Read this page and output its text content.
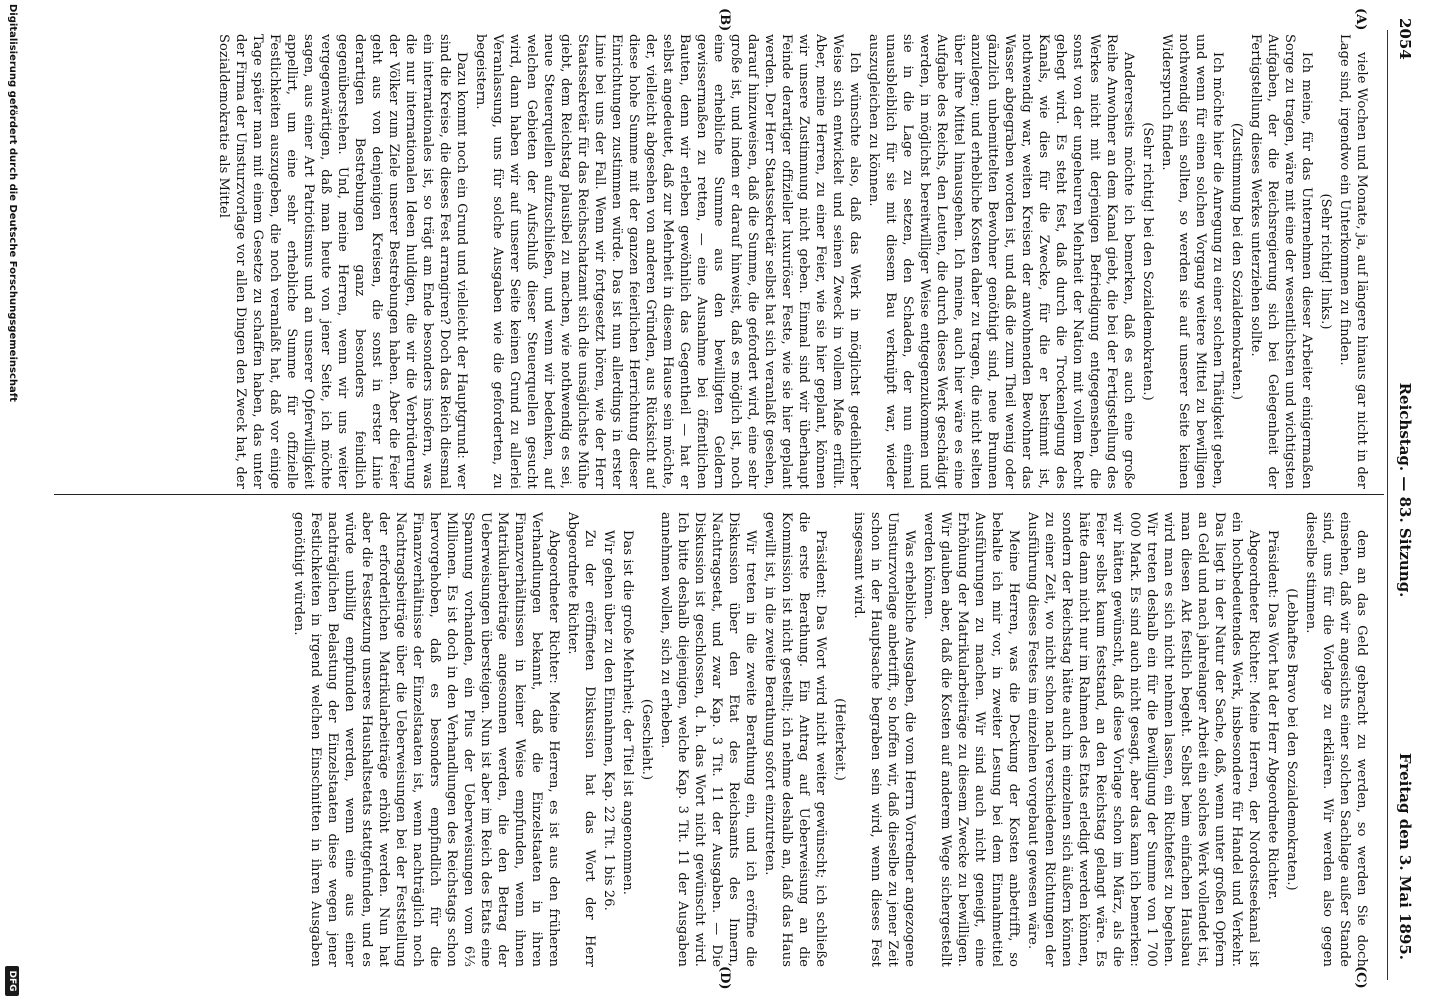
2054
Reichstag. — 83. Sitzung.
Freitag den 3. Mai 1895.
(A)
(B)
(C)
(D)

viele Wochen und Monate, ja, auf längere hinaus gar nicht in der Lage sind, irgendwo ein Unterkommen zu finden.

(Sehr richtig! links.)

Ich meine, für das Unternehmen dieser Arbeiter einigermaßen Sorge zu tragen, wäre mit eine der wesentlichsten und wichtigsten Aufgaben, der die Reichsregierung sich bei Gelegenheit der Fertigstellung dieses Werkes unterziehen sollte.

(Zustimmung bei den Sozialdemokraten.)

Ich möchte hier die Anregung zu einer solchen Thätigkeit geben, und wenn für einen solchen Vorgang weitere Mittel zu bewilligen nothwendig sein sollten, so werden sie auf unserer Seite keinen Widerspruch finden.

(Sehr richtig! bei den Sozialdemokraten.)

Andererseits möchte ich bemerken, daß es auch eine große Reihe Anwohner an dem Kanal giebt, die bei der Fertigstellung des Werkes nicht mit derjenigen Befriedigung entgegensehen, die sonst von der ungeheuren Mehrheit der Nation mit vollem Recht gehegt wird. Es steht fest, daß durch die Trockenlegung des Kanals, wie dies für die Zwecke, für die er bestimmt ist, nothwendig war, weiten Kreisen der anwohnenden Bewohner das Wasser abgegraben worden ist, und daß die zum Theil wenig oder gänzlich unbemittelten Bewohner genöthigt sind, neue Brunnen anzulegen; und erhebliche Kosten daher zu tragen, die nicht selten über ihre Mittel hinausgehen. Ich meine, auch hier wäre es eine Aufgabe des Reichs, den Leuten, die durch dieses Werk geschädigt werden, in möglichst bereitwilliger Weise entgegenzukommen und sie in die Lage zu setzen, den Schaden, der nun einmal unausbleiblich für sie mit diesem Bau verknüpft war, wieder auszugleichen zu können.

Ich wünschte also, daß das Werk in möglichst gedeihlicher Weise sich entwickelt und seinen Zweck in vollem Maße erfüllt. Aber, meine Herren, zu einer Feier, wie sie hier geplant, können wir unsere Zustimmung nicht geben. Einmal sind wir überhaupt Feinde derartiger offizieller luxuriöser Feste, wie sie hier geplant werden. Der Herr Staatssekretär selbst hat sich veranlaßt gesehen, darauf hinzuweisen, daß die Summe, die gefordert wird, eine sehr große ist, und indem er darauf hinweist, daß es möglich ist, noch eine erhebliche Summe aus den bewilligten Geldern gewissermaßen zu retten, — eine Ausnahme bei öffentlichen Bauten, denn wir erleben gewöhnlich das Gegentheil — hat er selbst angedeutet, daß zur Mehrheit in diesem Hause sein möchte, der, vielleicht abgesehen von anderen Gründen, aus Rücksicht auf diese hohe Summe mit der ganzen feierlichen Herrichtung dieser Einrichtungen zustimmen würde. Das ist nun allerdings in erster Linie bei uns der Fall. Wenn wir fortgesetzt hören, wie der Herr Staatssekretär für das Reichsschatzamt sich die unsäglichste Mühe giebt, dem Reichstag plausibel zu machen, wie nothwendig es sei, neue Steuerquellen aufzuschließen, und wenn wir bedenken, auf welchen Gebieten der Aufschluß dieser Steuerquellen gesucht wird, dann haben wir auf unserer Seite keinen Grund zu allerlei Veranlassung, uns für solche Ausgaben wie die geforderten, zu begeistern.

Dazu kommt noch ein Grund und vielleicht der Hauptgrund: wer sind die Kreise, die dieses Fest arrangiren? Doch das Reich diesmal ein internationales ist, so trägt am Ende besonders insofern, was die nur internationalen Ideen huldigen, die wir die Verbrüderung der Völker zum Ziele unserer Bestrebungen haben. Aber die Feier geht aus von denjenigen Kreisen, die sonst in erster Linie derartigen Bestrebungen ganz besonders feindlich gegenüberstehen. Und, meine Herren, wenn wir uns weiter vergegenwärtigen, daß man heute von jener Seite, ich möchte sagen, aus einer Art Patriotismus und an unserer Opferwilligkeit appellirt, um eine sehr erhebliche Summe für offizielle Festlichkeiten auszugeben, die noch veranlaßt hat, daß vor einige Tage später man mit einem Gesetze zu schaffen haben, das unter der Firma der Umsturzvorlage vor allen Dingen den Zweck hat, der Sozialdemokratie als Mittel

dem an das Geld gebracht zu werden, so werden Sie doch einsehen, daß wir angesichts einer solchen Sachlage außer Stande sind, uns für die Vorlage zu erklären. Wir werden also gegen dieselbe stimmen.

(Lebhaftes Bravo bei den Sozialdemokraten.)

Präsident: Das Wort hat der Herr Abgeordnete Richter.

Abgeordneter Richter: Meine Herren, der Nordostseekanal ist ein hochbedeutendes Werk, insbesondere für Handel und Verkehr. Das liegt in der Natur der Sache, daß, wenn unter großen Opfern an Geld und nach jahrelanger Arbeit ein solches Werk vollendet ist, man diesen Akt festlich begeht. Selbst beim einfachen Hausbau wird man es sich nicht nehmen lassen, ein Richtefest zu begehen. Wir treten deshalb ein für die Bewilligung der Summe von 1 700 000 Mark. Es sind auch nicht gesagt, aber das kann ich bemerken: wir hätten gewünscht, daß diese Vorlage schon im März, als die Feier selbst kaum feststand, an den Reichstag gelangt wäre. Es hätte dann nicht nur im Rahmen des Etats erledigt werden können, sondern der Reichstag hätte auch im einzelnen sich äußern können zu einer Zeit, wo nicht schon nach verschiedenen Richtungen der Ausführung dieses Festes im einzelnen vorgebaut gewesen wäre.

Meine Herren, was die Deckung der Kosten anbetrifft, so behalte ich mir vor, in zweiter Lesung bei dem Einnahmetitel Ausführungen zu machen. Wir sind auch nicht geneigt, eine Erhöhung der Matrikularbeiträge zu diesem Zwecke zu bewilligen. Wir glauben aber, daß die Kosten auf anderem Wege sichergestellt werden können.

Was erhebliche Ausgaben, die vom Herrn Vorredner angezogene Umsturzvorlage anbetrifft, so hoffen wir, daß dieselbe zu jener Zeit schon in der Hauptsache begraben sein wird, wenn dieses Fest insgesamt wird.

(Heiterkeit.)

Präsident: Das Wort wird nicht weiter gewünscht; ich schließe die erste Berathung. Ein Antrag auf Ueberweisung an die Kommission ist nicht gestellt; ich nehme deshalb an, daß das Haus gewillt ist, in die zweite Berathung sofort einzutreten.

Wir treten in die zweite Berathung ein, und ich eröffne die Diskussion über den Etat des Reichsamts des Innern, Nachtragsetat, und zwar Kap. 3 Tit. 11 der Ausgaben. — Die Diskussion ist geschlossen, d. h. das Wort nicht gewünscht wird. Ich bitte deshalb diejenigen, welche Kap. 3 Tit. 11 der Ausgaben annehmen wollen, sich zu erheben.

(Geschieht.)

Das ist die große Mehrheit; der Titel ist angenommen.

Wir gehen über zu den Einnahmen, Kap. 22 Tit. 1 bis 26.

Zu der eröffneten Diskussion hat das Wort der Herr Abgeordnete Richter.

Abgeordneter Richter: Meine Herren, es ist aus den früheren Verhandlungen bekannt, daß die Einzelstaaten in ihren Finanzverhältnissen in keiner Weise empfunden, wenn ihnen Matrikularbeiträge angesonnen werden, die den Betrag der Ueberweisungen übersteigen. Nun ist aber im Reich des Etats eine Spannung vorhanden, ein Plus der Ueberweisungen vom 6⅓ Millionen. Es ist doch in den Verhandlungen des Reichstags schon hervorgehoben, daß es besonders empfindlich für die Finanzverhältnisse der Einzelstaaten ist, wenn nachträglich noch Nachtragsbeiträge über die Ueberweisungen bei der Feststellung der erforderlichen Matrikularbeiträge erhöht werden. Nun hat aber die Festsetzung unseres Haushaltsetats stattgefunden, und es würde unbillig empfunden werden, wenn eine aus einer nachträglichen Belastung der Einzelstaaten diese wegen jener Festlichkeiten in irgend welchen Einschnitten in ihren Ausgaben genöthigt würden.

Digitalisierung gefördert durch die Deutsche Forschungsgemeinschaft
DFG
